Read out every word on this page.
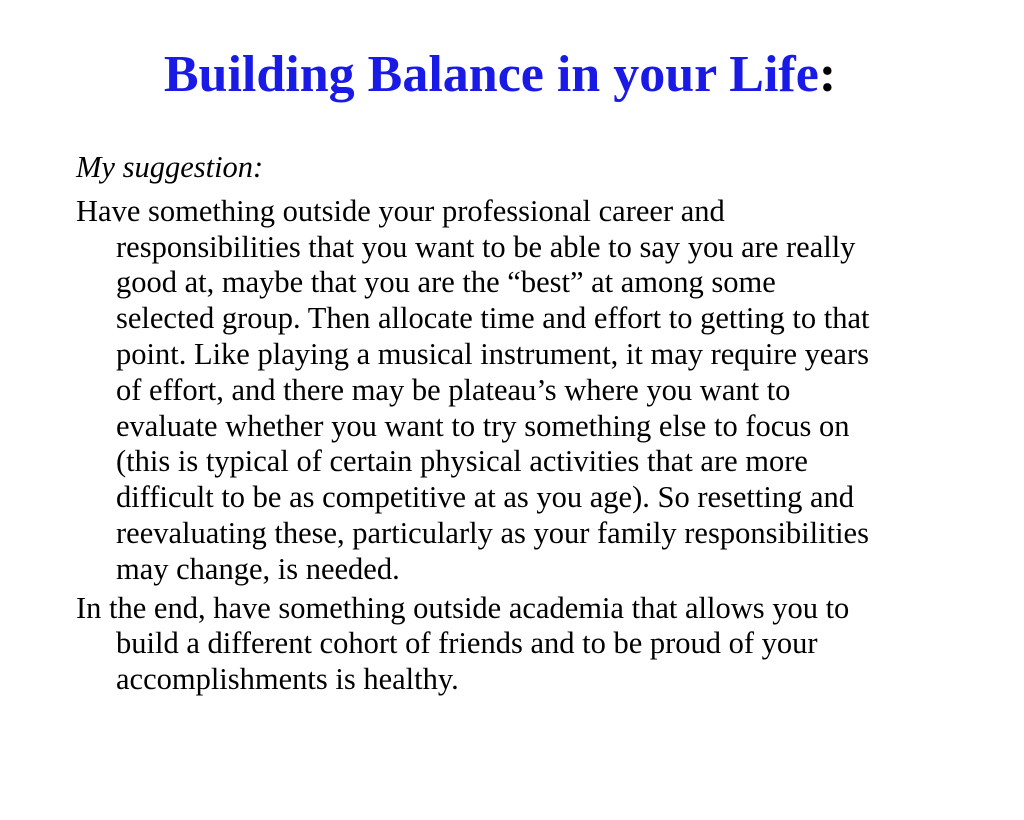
Building Balance in your Life:

My suggestion:

Have something outside your professional career and responsibilities that you want to be able to say you are really good at, maybe that you are the “best” at among some selected group. Then allocate time and effort to getting to that point. Like playing a musical instrument, it may require years of effort, and there may be plateau’s where you want to evaluate whether you want to try something else to focus on (this is typical of certain physical activities that are more difficult to be as competitive at as you age). So resetting and reevaluating these, particularly as your family responsibilities may change, is needed.

In the end, have something outside academia that allows you to build a different cohort of friends and to be proud of your accomplishments is healthy.
